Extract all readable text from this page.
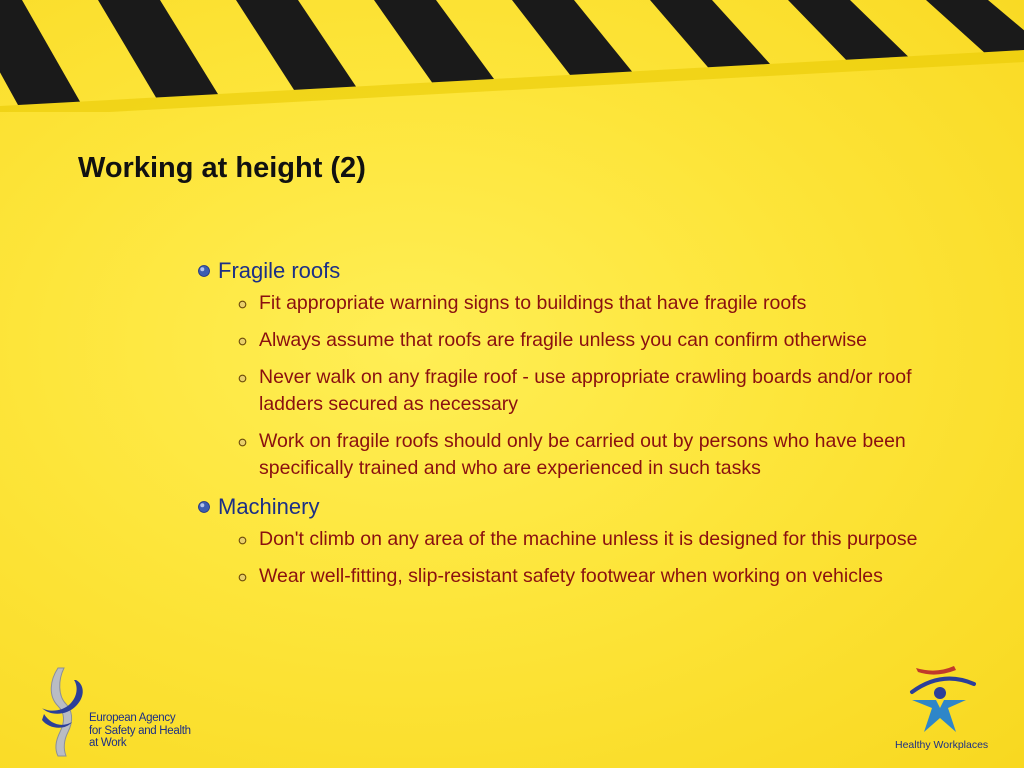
Working at height (2)
Fragile roofs
Fit appropriate warning signs to buildings that have fragile roofs
Always assume that roofs are fragile unless you can confirm otherwise
Never walk on any fragile roof - use appropriate crawling boards and/or roof ladders secured as necessary
Work on fragile roofs should only be carried out by persons who have been specifically trained and who are experienced in such tasks
Machinery
Don't climb on any area of the machine unless it is designed for this purpose
Wear well-fitting, slip-resistant safety footwear when working on vehicles
European Agency
for Safety and Health
at Work	Healthy Workplaces
